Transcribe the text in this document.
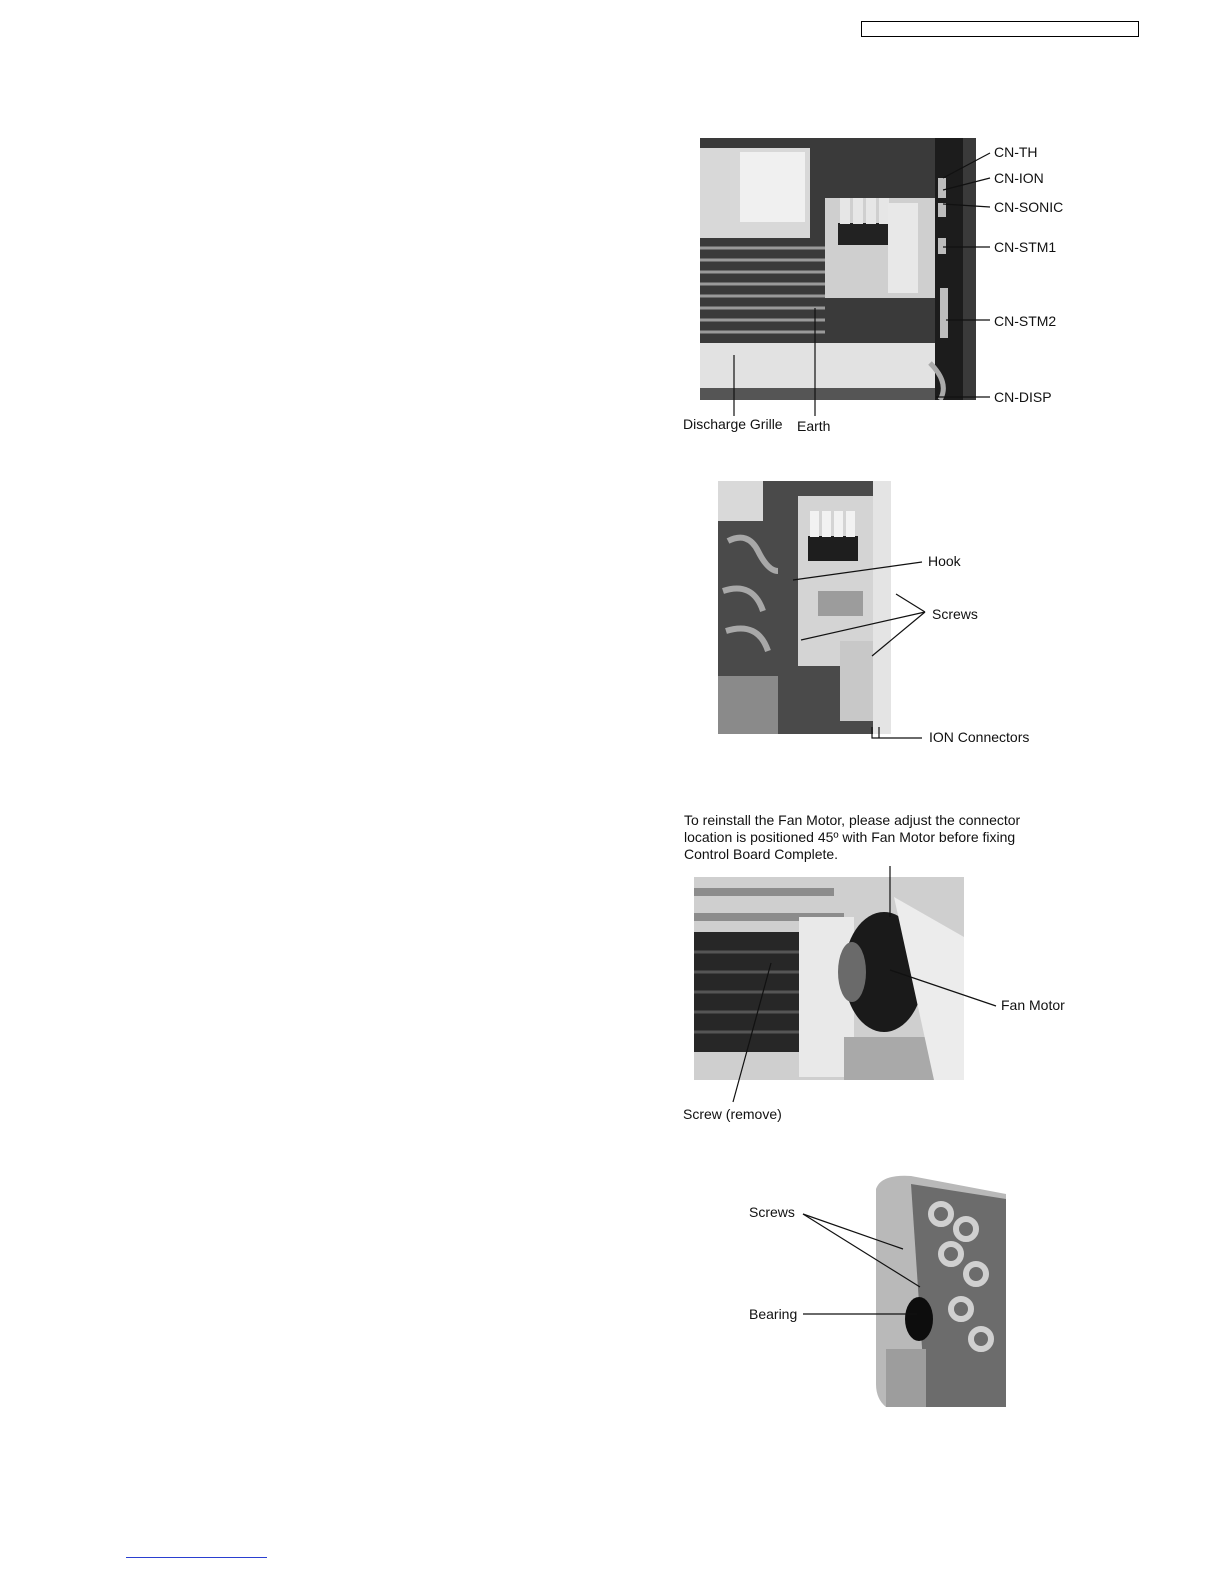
CN-TH
CN-ION
CN-SONIC
CN-STM1
CN-STM2
CN-DISP
Discharge Grille Earth
Hook
Screws
ION Connectors
To reinstall the Fan Motor, please adjust the connector location is positioned 45º with Fan Motor before fixing Control Board Complete.
Fan Motor
Screw (remove)
Screws
Bearing
